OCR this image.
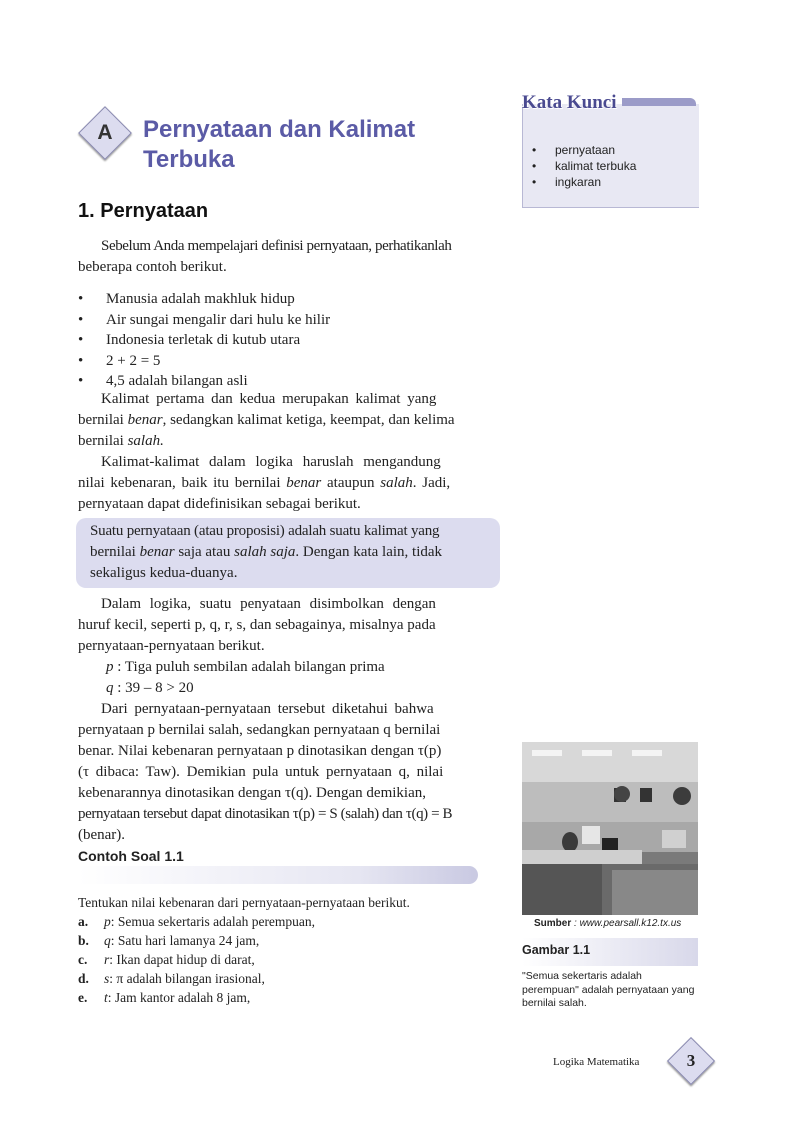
A	Pernyataan dan Kalimat
Terbuka
1. Pernyataan
Sebelum Anda mempelajari definisi pernyataan, perhatikanlah
beberapa contoh berikut.
• Manusia adalah makhluk hidup
• Air sungai mengalir dari hulu ke hilir
• Indonesia terletak di kutub utara
• 2 + 2 = 5
• 4,5 adalah bilangan asli
Kalimat pertama dan kedua merupakan kalimat yang
bernilai benar, sedangkan kalimat ketiga, keempat, dan kelima
bernilai salah.
Kalimat-kalimat dalam logika haruslah mengandung
nilai kebenaran, baik itu bernilai benar ataupun salah. Jadi,
pernyataan dapat didefinisikan sebagai berikut.
Suatu pernyataan (atau proposisi) adalah suatu kalimat yang
bernilai benar saja atau salah saja. Dengan kata lain, tidak
sekaligus kedua-duanya.
Dalam logika, suatu penyataan disimbolkan dengan
huruf kecil, seperti p, q, r, s, dan sebagainya, misalnya pada
pernyataan-pernyataan berikut.
p : Tiga puluh sembilan adalah bilangan prima
q : 39 – 8 > 20
Dari pernyataan-pernyataan tersebut diketahui bahwa
pernyataan p bernilai salah, sedangkan pernyataan q bernilai
benar. Nilai kebenaran pernyataan p dinotasikan dengan τ(p)
(τ dibaca: Taw). Demikian pula untuk pernyataan q, nilai
kebenarannya dinotasikan dengan τ(q). Dengan demikian,
pernyataan tersebut dapat dinotasikan τ(p) = S (salah) dan τ(q) = B
(benar).
Contoh Soal 1.1
Tentukan nilai kebenaran dari pernyataan-pernyataan berikut.
a.	p : Semua sekertaris adalah perempuan,
b.	q : Satu hari lamanya 24 jam,
c.	r : Ikan dapat hidup di darat,
d.	s : π adalah bilangan irasional,
e.	t : Jam kantor adalah 8 jam,
Kata Kunci
• pernyataan
• kalimat terbuka
• ingkaran
Sumber : www.pearsall.k12.tx.us
Gambar 1.1
"Semua sekertaris adalah perempuan" adalah pernyataan yang bernilai salah.
Logika Matematika	3
